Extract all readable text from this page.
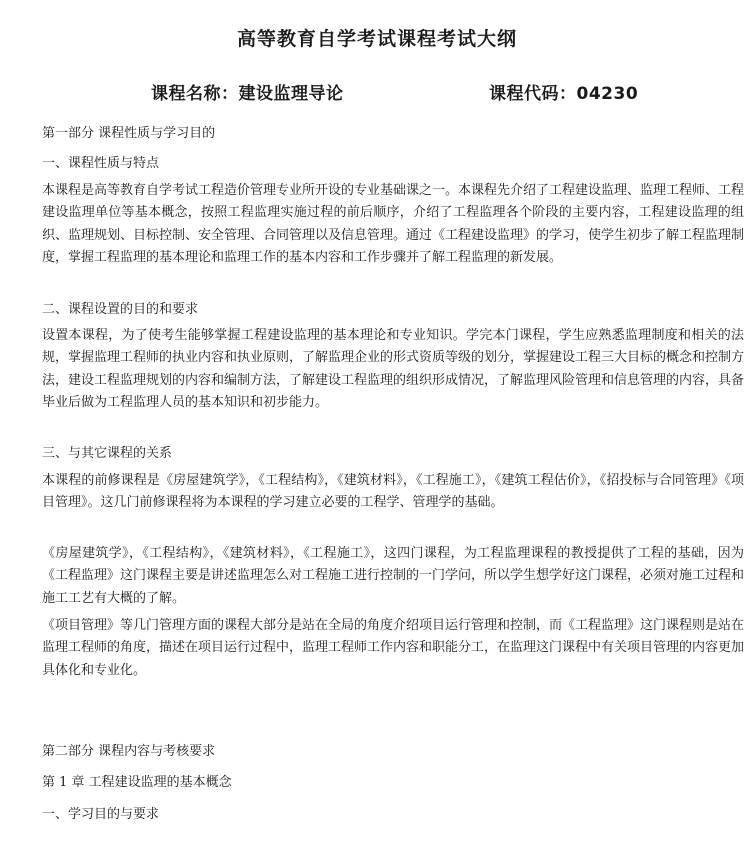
高等教育自学考试课程考试大纲
课程名称：建设监理导论	课程代码：04230
第一部分 课程性质与学习目的
一、课程性质与特点
本课程是高等教育自学考试工程造价管理专业所开设的专业基础课之一。本课程先介绍了工程建设监理、监理工程师、工程建设监理单位等基本概念，按照工程监理实施过程的前后顺序，介绍了工程监理各个阶段的主要内容，工程建设监理的组织、监理规划、目标控制、安全管理、合同管理以及信息管理。通过《工程建设监理》的学习，使学生初步了解工程监理制度，掌握工程监理的基本理论和监理工作的基本内容和工作步骤并了解工程监理的新发展。
二、课程设置的目的和要求
设置本课程，为了使考生能够掌握工程建设监理的基本理论和专业知识。学完本门课程，学生应熟悉监理制度和相关的法规，掌握监理工程师的执业内容和执业原则，了解监理企业的形式资质等级的划分，掌握建设工程三大目标的概念和控制方法，建设工程监理规划的内容和编制方法，了解建设工程监理的组织形成情况，了解监理风险管理和信息管理的内容，具备毕业后做为工程监理人员的基本知识和初步能力。
三、与其它课程的关系
本课程的前修课程是《房屋建筑学》，《工程结构》，《建筑材料》，《工程施工》，《建筑工程估价》，《招投标与合同管理》《项目管理》。这几门前修课程将为本课程的学习建立必要的工程学、管理学的基础。
《房屋建筑学》，《工程结构》，《建筑材料》，《工程施工》，这四门课程，为工程监理课程的教授提供了工程的基础，因为《工程监理》这门课程主要是讲述监理怎么对工程施工进行控制的一门学问，所以学生想学好这门课程，必须对施工过程和施工工艺有大概的了解。
《项目管理》等几门管理方面的课程大部分是站在全局的角度介绍项目运行管理和控制，而《工程监理》这门课程则是站在监理工程师的角度，描述在项目运行过程中，监理工程师工作内容和职能分工，在监理这门课程中有关项目管理的内容更加具体化和专业化。
第二部分 课程内容与考核要求
第 1 章 工程建设监理的基本概念
一、学习目的与要求
